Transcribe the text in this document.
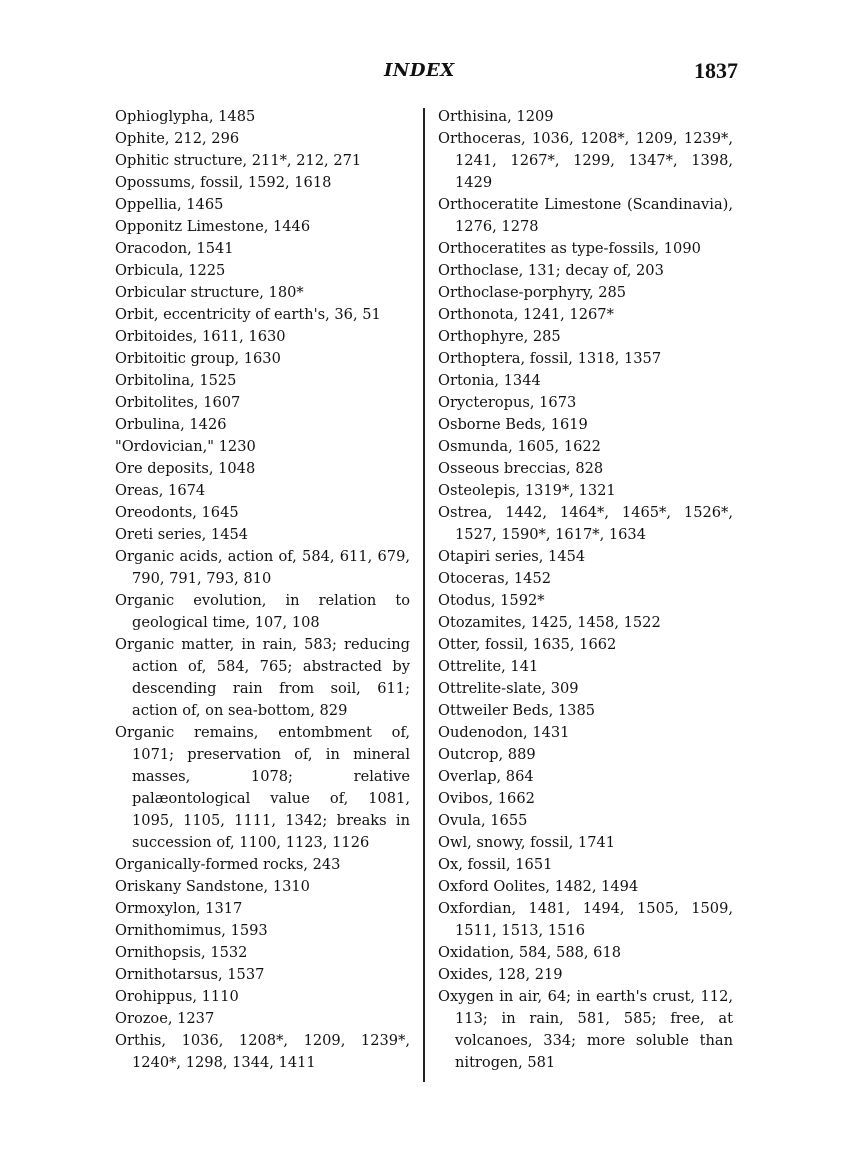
INDEX	1837

Ophioglypha, 1485

Ophite, 212, 296

Ophitic structure, 211*, 212, 271

Opossums, fossil, 1592, 1618

Oppellia, 1465

Opponitz Limestone, 1446

Oracodon, 1541

Orbicula, 1225

Orbicular structure, 180*

Orbit, eccentricity of earth's, 36, 51

Orbitoides, 1611, 1630

Orbitoitic group, 1630

Orbitolina, 1525

Orbitolites, 1607

Orbulina, 1426

"Ordovician," 1230

Ore deposits, 1048

Oreas, 1674

Oreodonts, 1645

Oreti series, 1454

Organic acids, action of, 584, 611, 679, 790, 791, 793, 810

Organic evolution, in relation to geological time, 107, 108

Organic matter, in rain, 583; reducing action of, 584, 765; abstracted by descending rain from soil, 611; action of, on sea-bottom, 829

Organic remains, entombment of, 1071; preservation of, in mineral masses, 1078; relative palæontological value of, 1081, 1095, 1105, 1111, 1342; breaks in succession of, 1100, 1123, 1126

Organically-formed rocks, 243

Oriskany Sandstone, 1310

Ormoxylon, 1317

Ornithomimus, 1593

Ornithopsis, 1532

Ornithotarsus, 1537

Orohippus, 1110

Orozoe, 1237

Orthis, 1036, 1208*, 1209, 1239*, 1240*, 1298, 1344, 1411

Orthisina, 1209

Orthoceras, 1036, 1208*, 1209, 1239*, 1241, 1267*, 1299, 1347*, 1398, 1429

Orthoceratite Limestone (Scandinavia), 1276, 1278

Orthoceratites as type-fossils, 1090

Orthoclase, 131; decay of, 203

Orthoclase-porphyry, 285

Orthonota, 1241, 1267*

Orthophyre, 285

Orthoptera, fossil, 1318, 1357

Ortonia, 1344

Orycteropus, 1673

Osborne Beds, 1619

Osmunda, 1605, 1622

Osseous breccias, 828

Osteolepis, 1319*, 1321

Ostrea, 1442, 1464*, 1465*, 1526*, 1527, 1590*, 1617*, 1634

Otapiri series, 1454

Otoceras, 1452

Otodus, 1592*

Otozamites, 1425, 1458, 1522

Otter, fossil, 1635, 1662

Ottrelite, 141

Ottrelite-slate, 309

Ottweiler Beds, 1385

Oudenodon, 1431

Outcrop, 889

Overlap, 864

Ovibos, 1662

Ovula, 1655

Owl, snowy, fossil, 1741

Ox, fossil, 1651

Oxford Oolites, 1482, 1494

Oxfordian, 1481, 1494, 1505, 1509, 1511, 1513, 1516

Oxidation, 584, 588, 618

Oxides, 128, 219

Oxygen in air, 64; in earth's crust, 112, 113; in rain, 581, 585; free, at volcanoes, 334; more soluble than nitrogen, 581
